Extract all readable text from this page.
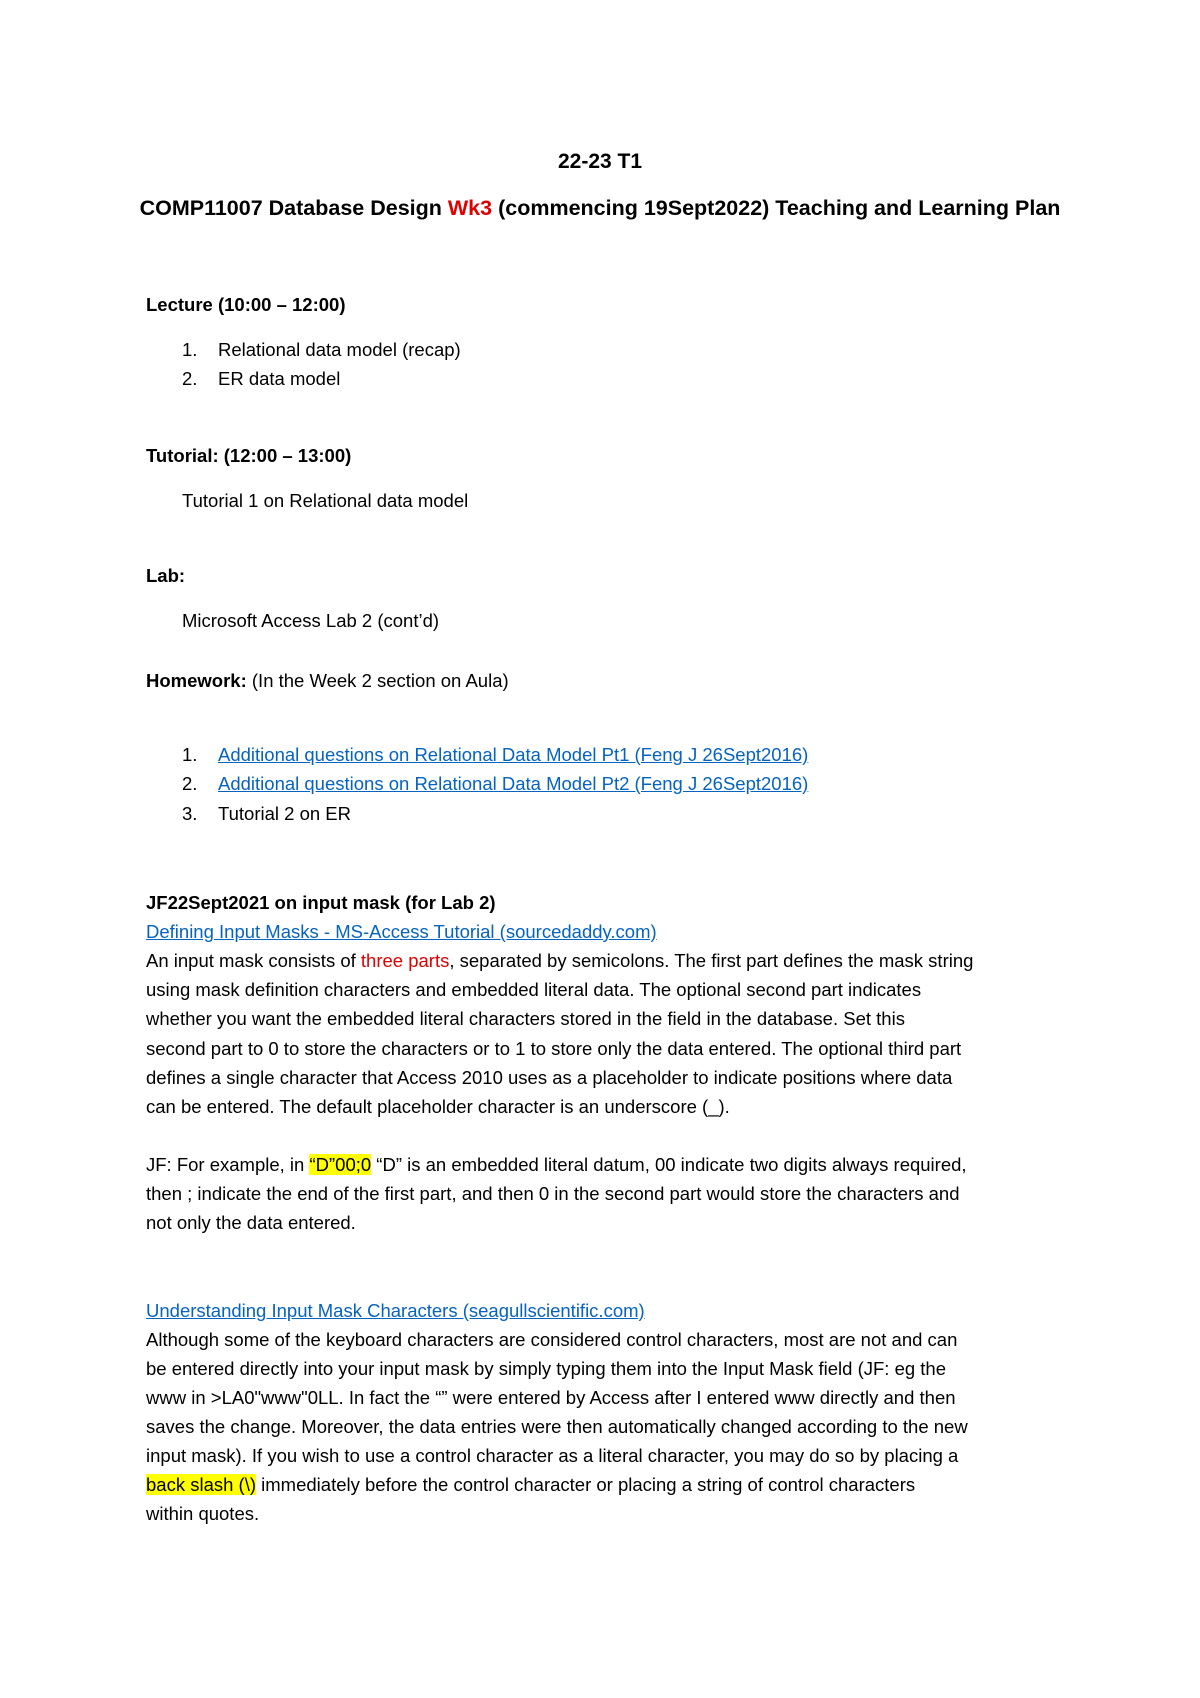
22-23 T1
COMP11007 Database Design Wk3 (commencing 19Sept2022) Teaching and Learning Plan
Lecture (10:00 – 12:00)
1. Relational data model (recap)
2. ER data model
Tutorial: (12:00 – 13:00)
Tutorial 1 on Relational data model
Lab:
Microsoft Access Lab 2 (cont’d)
Homework: (In the Week 2 section on Aula)
1. Additional questions on Relational Data Model Pt1 (Feng J 26Sept2016)
2. Additional questions on Relational Data Model Pt2 (Feng J 26Sept2016)
3. Tutorial 2 on ER
JF22Sept2021 on input mask (for Lab 2)
Defining Input Masks - MS-Access Tutorial (sourcedaddy.com)
An input mask consists of three parts, separated by semicolons. The first part defines the mask string
using mask definition characters and embedded literal data. The optional second part indicates
whether you want the embedded literal characters stored in the field in the database. Set this
second part to 0 to store the characters or to 1 to store only the data entered. The optional third part
defines a single character that Access 2010 uses as a placeholder to indicate positions where data
can be entered. The default placeholder character is an underscore (_).
JF: For example, in “D”00;0 “D” is an embedded literal datum, 00 indicate two digits always required,
then ; indicate the end of the first part, and then 0 in the second part would store the characters and
not only the data entered.
Understanding Input Mask Characters (seagullscientific.com)
Although some of the keyboard characters are considered control characters, most are not and can
be entered directly into your input mask by simply typing them into the Input Mask field (JF: eg the
www in >LA0"www"0LL. In fact the “” were entered by Access after I entered www directly and then
saves the change. Moreover, the data entries were then automatically changed according to the new
input mask). If you wish to use a control character as a literal character, you may do so by placing a
back slash (\) immediately before the control character or placing a string of control characters
within quotes.
